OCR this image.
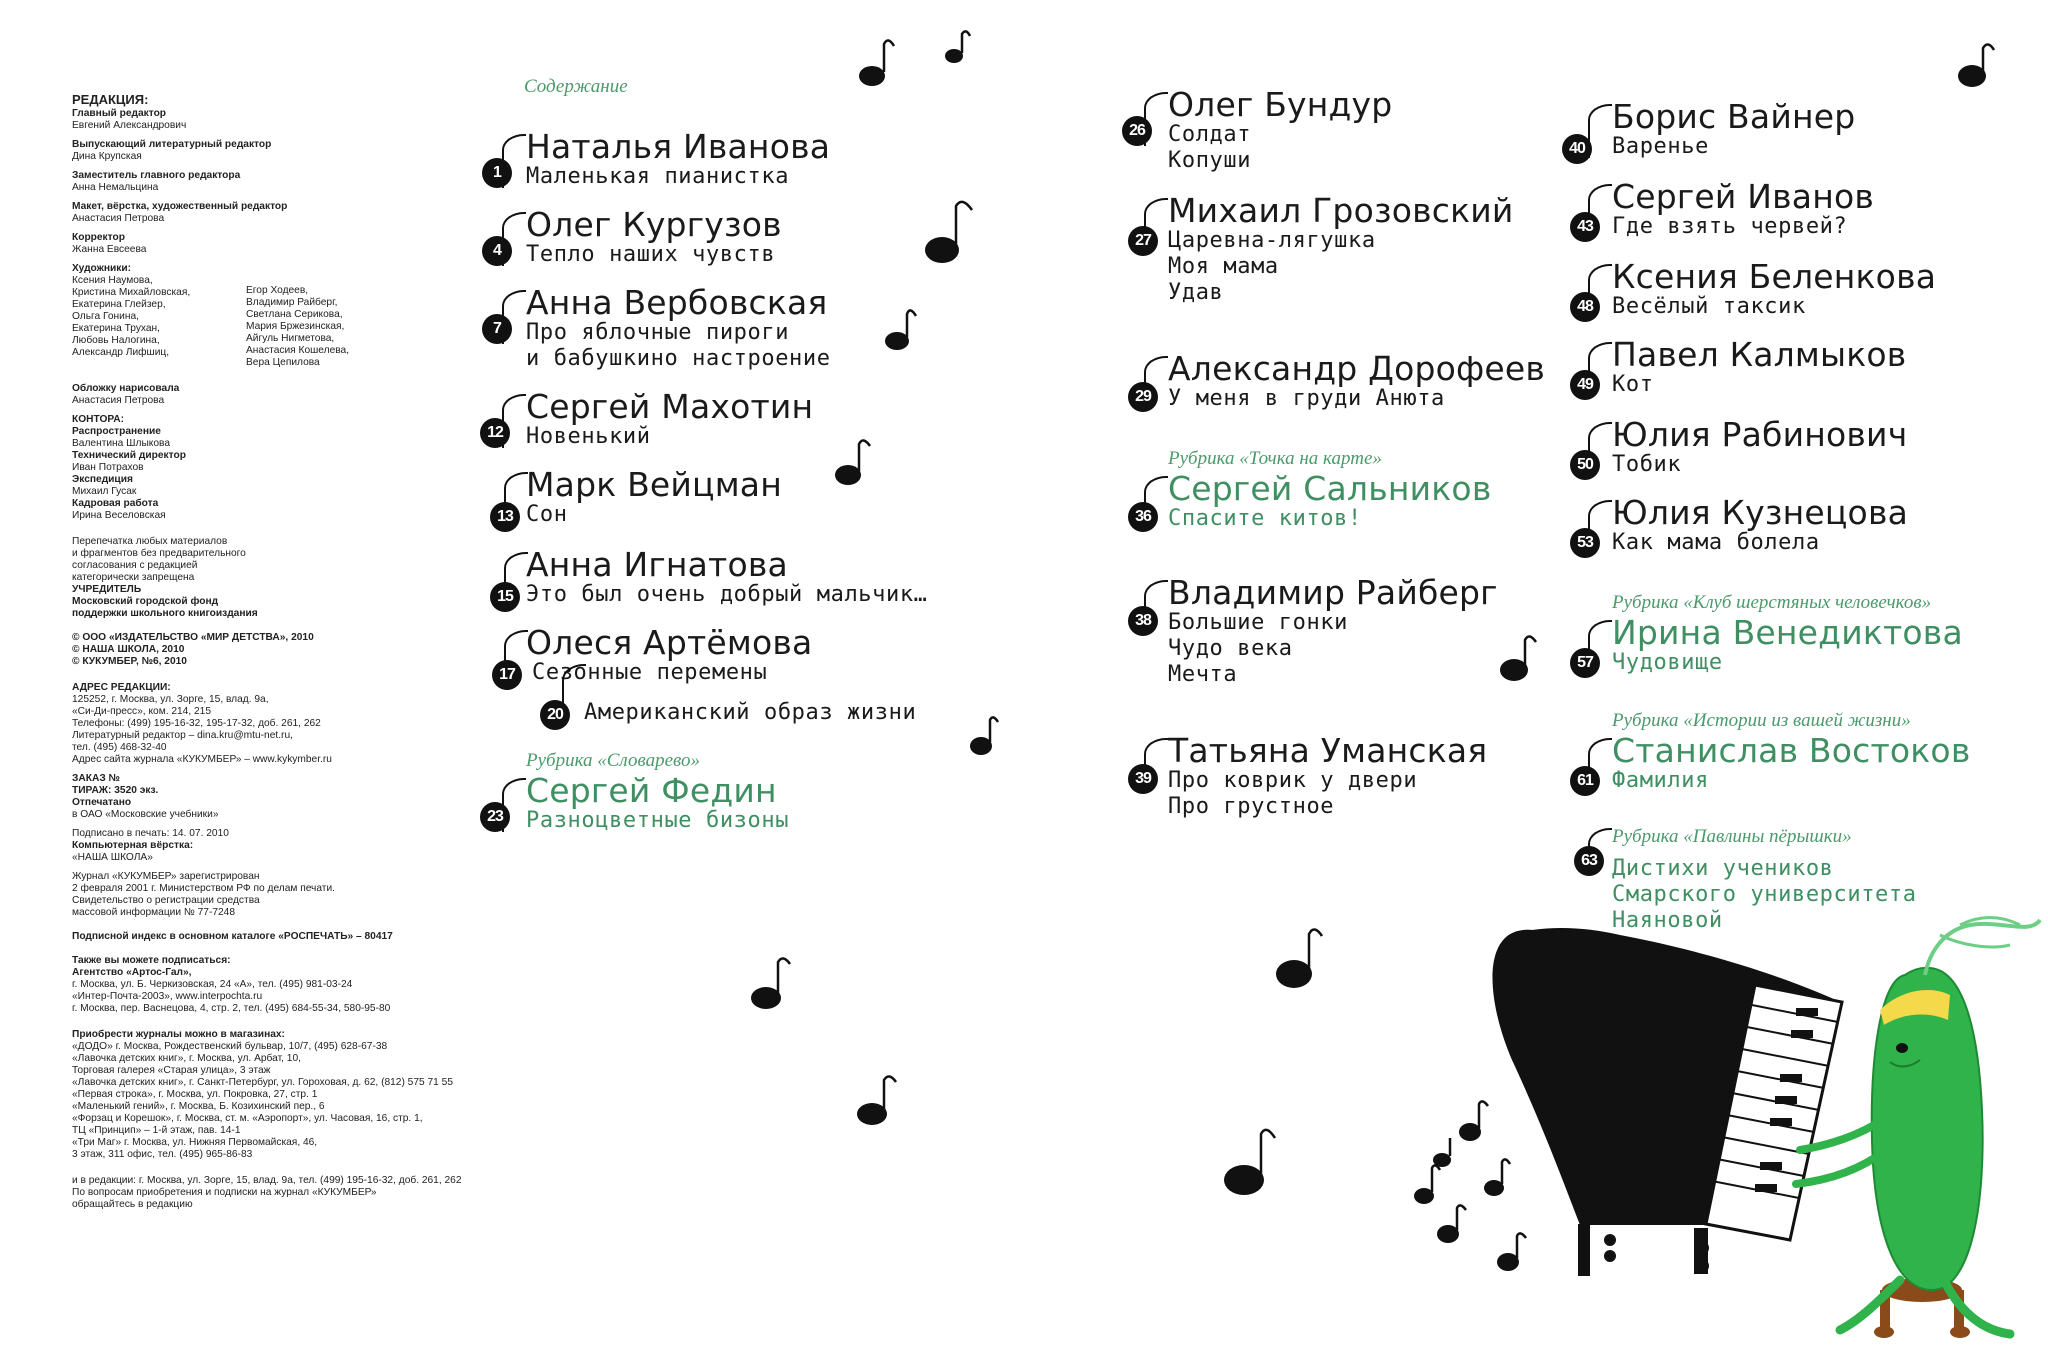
РЕДАКЦИЯ:
Главный редактор
Евгений Александрович
Выпускающий литературный редактор
Дина Крупская
Заместитель главного редактора
Анна Немальцина
Макет, вёрстка, художественный редактор
Анастасия Петрова
Корректор
Жанна Евсеева
Художники:
Ксения Наумова,
Кристина Михайловская,
Екатерина Глейзер,
Ольга Гонина,
Екатерина Трухан,
Любовь Налогина,
Александр Лифшиц,
Егор Ходеев,
Владимир Райберг,
Светлана Серикова,
Мария Бржезинская,
Айгуль Нигметова,
Анастасия Кошелева,
Вера Цепилова
Обложку нарисовала
Анастасия Петрова
КОНТОРА:
Распространение
Валентина Шлыкова
Технический директор
Иван Потрахов
Экспедиция
Михаил Гусак
Кадровая работа
Ирина Веселовская
Перепечатка любых материалов
и фрагментов без предварительного
согласования с редакцией
категорически запрещена
УЧРЕДИТЕЛЬ
Московский городской фонд
поддержки школьного книгоиздания
© ООО «ИЗДАТЕЛЬСТВО «МИР ДЕТСТВА», 2010
© НАША ШКОЛА, 2010
© КУКУМБЕР, №6, 2010
АДРЕС РЕДАКЦИИ:
125252, г. Москва, ул. Зорге, 15, влад. 9а,
«Си-Ди-пресс», ком. 214, 215
Телефоны: (499) 195-16-32, 195-17-32, доб. 261, 262
Литературный редактор – dina.kru@mtu-net.ru,
тел. (495) 468-32-40
Адрес сайта журнала «КУКУМБЕР» – www.kykymber.ru
ЗАКАЗ №
ТИРАЖ: 3520 экз.
Отпечатано
в ОАО «Московские учебники»
Подписано в печать: 14. 07. 2010
Компьютерная вёрстка:
«НАША ШКОЛА»
Журнал «КУКУМБЕР» зарегистрирован
2 февраля 2001 г. Министерством РФ по делам печати.
Свидетельство о регистрации средства
массовой информации № 77-7248
Подписной индекс в основном каталоге «РОСПЕЧАТЬ» – 80417
Также вы можете подписаться:
Агентство «Артос-Гал»,
г. Москва, ул. Б. Черкизовская, 24 «А», тел. (495) 981-03-24
«Интер-Почта-2003», www.interpochta.ru
г. Москва, пер. Васнецова, 4, стр. 2, тел. (495) 684-55-34, 580-95-80
Приобрести журналы можно в магазинах:
«ДОДО» г. Москва, Рождественский бульвар, 10/7, (495) 628-67-38
«Лавочка детских книг», г. Москва, ул. Арбат, 10,
Торговая галерея «Старая улица», 3 этаж
«Лавочка детских книг», г. Санкт-Петербург, ул. Гороховая, д. 62, (812) 575 71 55
«Первая строка», г. Москва, ул. Покровка, 27, стр. 1
«Маленький гений», г. Москва, Б. Козихинский пер., 6
«Форзац и Корешок», г. Москва, ст. м. «Аэропорт», ул. Часовая, 16, стр. 1,
ТЦ «Принцип» – 1-й этаж, пав. 14-1
«Три Маг» г. Москва, ул. Нижняя Первомайская, 46,
3 этаж, 311 офис, тел. (495) 965-86-83
и в редакции: г. Москва, ул. Зорге, 15, влад. 9а, тел. (499) 195-16-32, доб. 261, 262
По вопросам приобретения и подписки на журнал «КУКУМБЕР»
обращайтесь в редакцию
Содержание
1
Наталья Иванова
Маленькая пианистка
4
Олег Кургузов
Тепло наших чувств
7
Анна Вербовская
Про яблочные пироги
и бабушкино настроение
12
Сергей Махотин
Новенький
13
Марк Вейцман
Сон
15
Анна Игнатова
Это был очень добрый мальчик…
17
Олеся Артёмова
Сезонные перемены
20 Американский образ жизни
Рубрика «Словарево»
23
Сергей Федин
Разноцветные бизоны
26
Олег Бундур
Солдат
Копуши
27
Михаил Грозовский
Царевна-лягушка
Моя мама
Удав
29
Александр Дорофеев
У меня в груди Анюта
Рубрика «Точка на карте»
36
Сергей Сальников
Спасите китов!
38
Владимир Райберг
Большие гонки
Чудо века
Мечта
39
Татьяна Уманская
Про коврик у двери
Про грустное
40
Борис Вайнер
Варенье
43
Сергей Иванов
Где взять червей?
48
Ксения Беленкова
Весёлый таксик
49
Павел Калмыков
Кот
50
Юлия Рабинович
Тобик
53
Юлия Кузнецова
Как мама болела
Рубрика «Клуб шерстяных человечков»
57
Ирина Венедиктова
Чудовище
Рубрика «Истории из вашей жизни»
61
Станислав Востоков
Фамилия
Рубрика «Павлины пёрышки»
63 Дистихи учеников
Смарского университета
Наяновой
